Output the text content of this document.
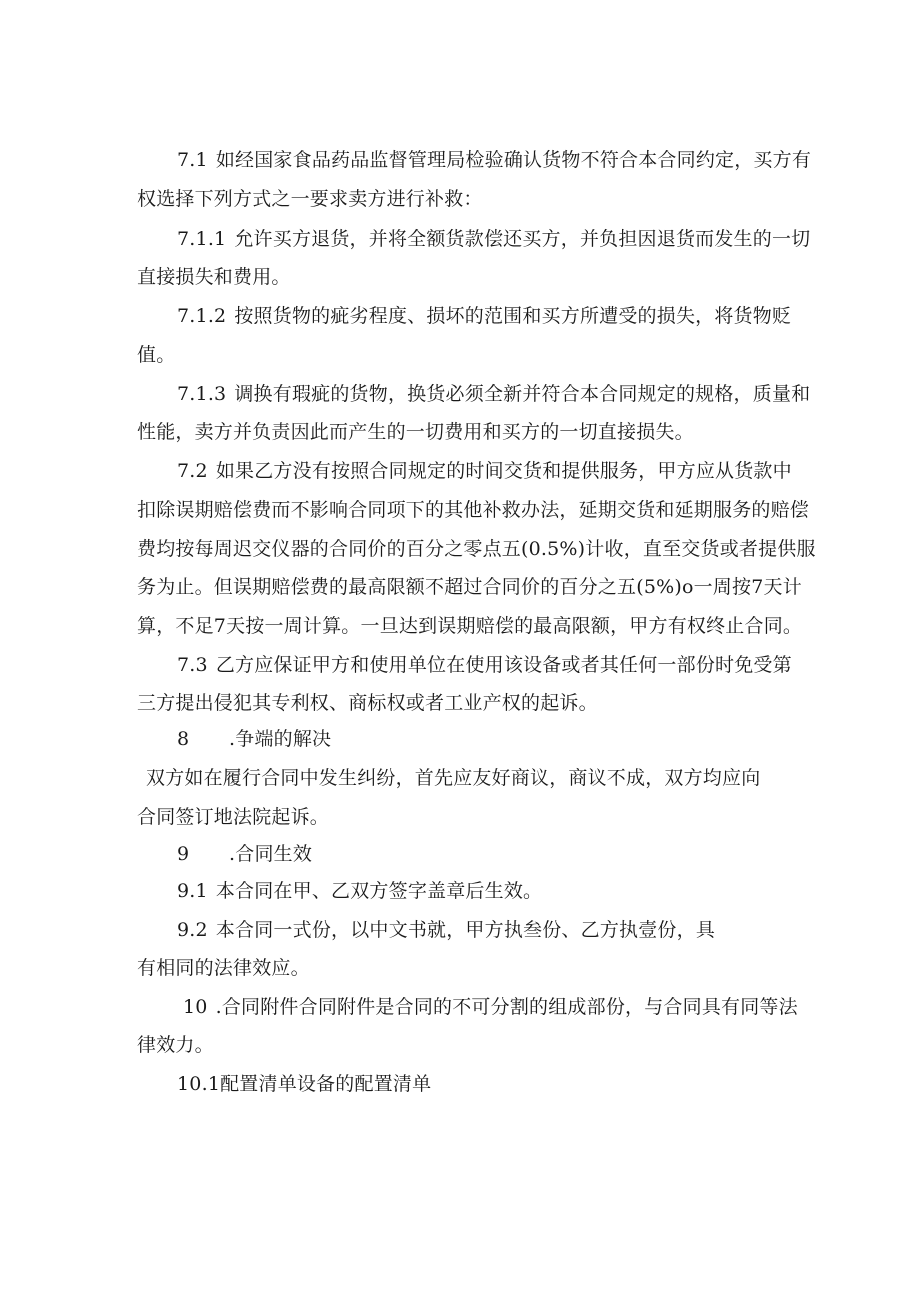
7.1 如经国家食品药品监督管理局检验确认货物不符合本合同约定，买方有
权选择下列方式之一要求卖方进行补救：
7.1.1 允许买方退货，并将全额货款偿还买方，并负担因退货而发生的一切
直接损失和费用。
7.1.2 按照货物的疵劣程度、损坏的范围和买方所遭受的损失，将货物贬
值。
7.1.3 调换有瑕疵的货物，换货必须全新并符合本合同规定的规格，质量和
性能，卖方并负责因此而产生的一切费用和买方的一切直接损失。
7.2 如果乙方没有按照合同规定的时间交货和提供服务，甲方应从货款中
扣除误期赔偿费而不影响合同项下的其他补救办法，延期交货和延期服务的赔偿
费均按每周迟交仪器的合同价的百分之零点五(0.5%)计收，直至交货或者提供服
务为止。但误期赔偿费的最高限额不超过合同价的百分之五(5%)o一周按7天计
算，不足7天按一周计算。一旦达到误期赔偿的最高限额，甲方有权终止合同。
7.3 乙方应保证甲方和使用单位在使用该设备或者其任何一部份时免受第
三方提出侵犯其专利权、商标权或者工业产权的起诉。
8 .争端的解决
双方如在履行合同中发生纠纷，首先应友好商议，商议不成，双方均应向
合同签订地法院起诉。
9 .合同生效
9.1 本合同在甲、乙双方签字盖章后生效。
9.2 本合同一式份，以中文书就，甲方执叁份、乙方执壹份，具
有相同的法律效应。
10 .合同附件合同附件是合同的不可分割的组成部份，与合同具有同等法
律效力。
10.1配置清单设备的配置清单
